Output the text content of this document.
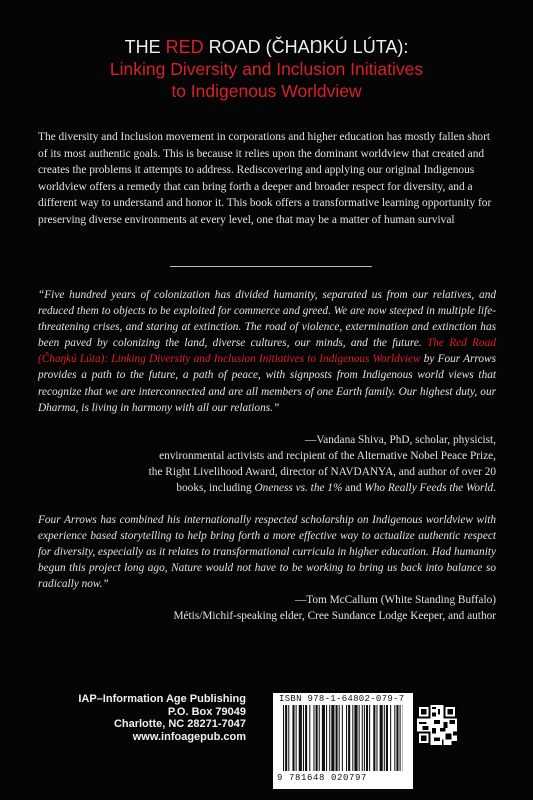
THE RED ROAD (ČHAŊKÚ LÚTA):
Linking Diversity and Inclusion Initiatives
to Indigenous Worldview
The diversity and Inclusion movement in corporations and higher education has mostly fallen short of its most authentic goals. This is because it relies upon the dominant worldview that created and creates the problems it attempts to address. Rediscovering and applying our original Indigenous worldview offers a remedy that can bring forth a deeper and broader respect for diversity, and a different way to understand and honor it. This book offers a transformative learning opportunity for preserving diverse environments at every level, one that may be a matter of human survival
“Five hundred years of colonization has divided humanity, separated us from our relatives, and reduced them to objects to be exploited for commerce and greed. We are now steeped in multiple life-threatening crises, and staring at extinction. The road of violence, extermination and extinction has been paved by colonizing the land, diverse cultures, our minds, and the future. The Red Road (Čhaŋkú Lúta): Linking Diversity and Inclusion Initiatives to Indigenous Worldview by Four Arrows provides a path to the future, a path of peace, with signposts from Indigenous world views that recognize that we are interconnected and are all members of one Earth family. Our highest duty, our Dharma, is living in harmony with all our relations.”
—Vandana Shiva, PhD, scholar, physicist,
environmental activists and recipient of the Alternative Nobel Peace Prize,
the Right Livelihood Award, director of NAVDANYA, and author of over 20
books, including Oneness vs. the 1% and Who Really Feeds the World.
Four Arrows has combined his internationally respected scholarship on Indigenous worldview with experience based storytelling to help bring forth a more effective way to actualize authentic respect for diversity, especially as it relates to transformational curricula in higher education. Had humanity begun this project long ago, Nature would not have to be working to bring us back into balance so radically now.”
—Tom McCallum (White Standing Buffalo)
Métis/Michif-speaking elder, Cree Sundance Lodge Keeper, and author
IAP–Information Age Publishing
P.O. Box 79049
Charlotte, NC 28271-7047
www.infoagepub.com
ISBN 978-1-64802-079-7
9 781648 020797
